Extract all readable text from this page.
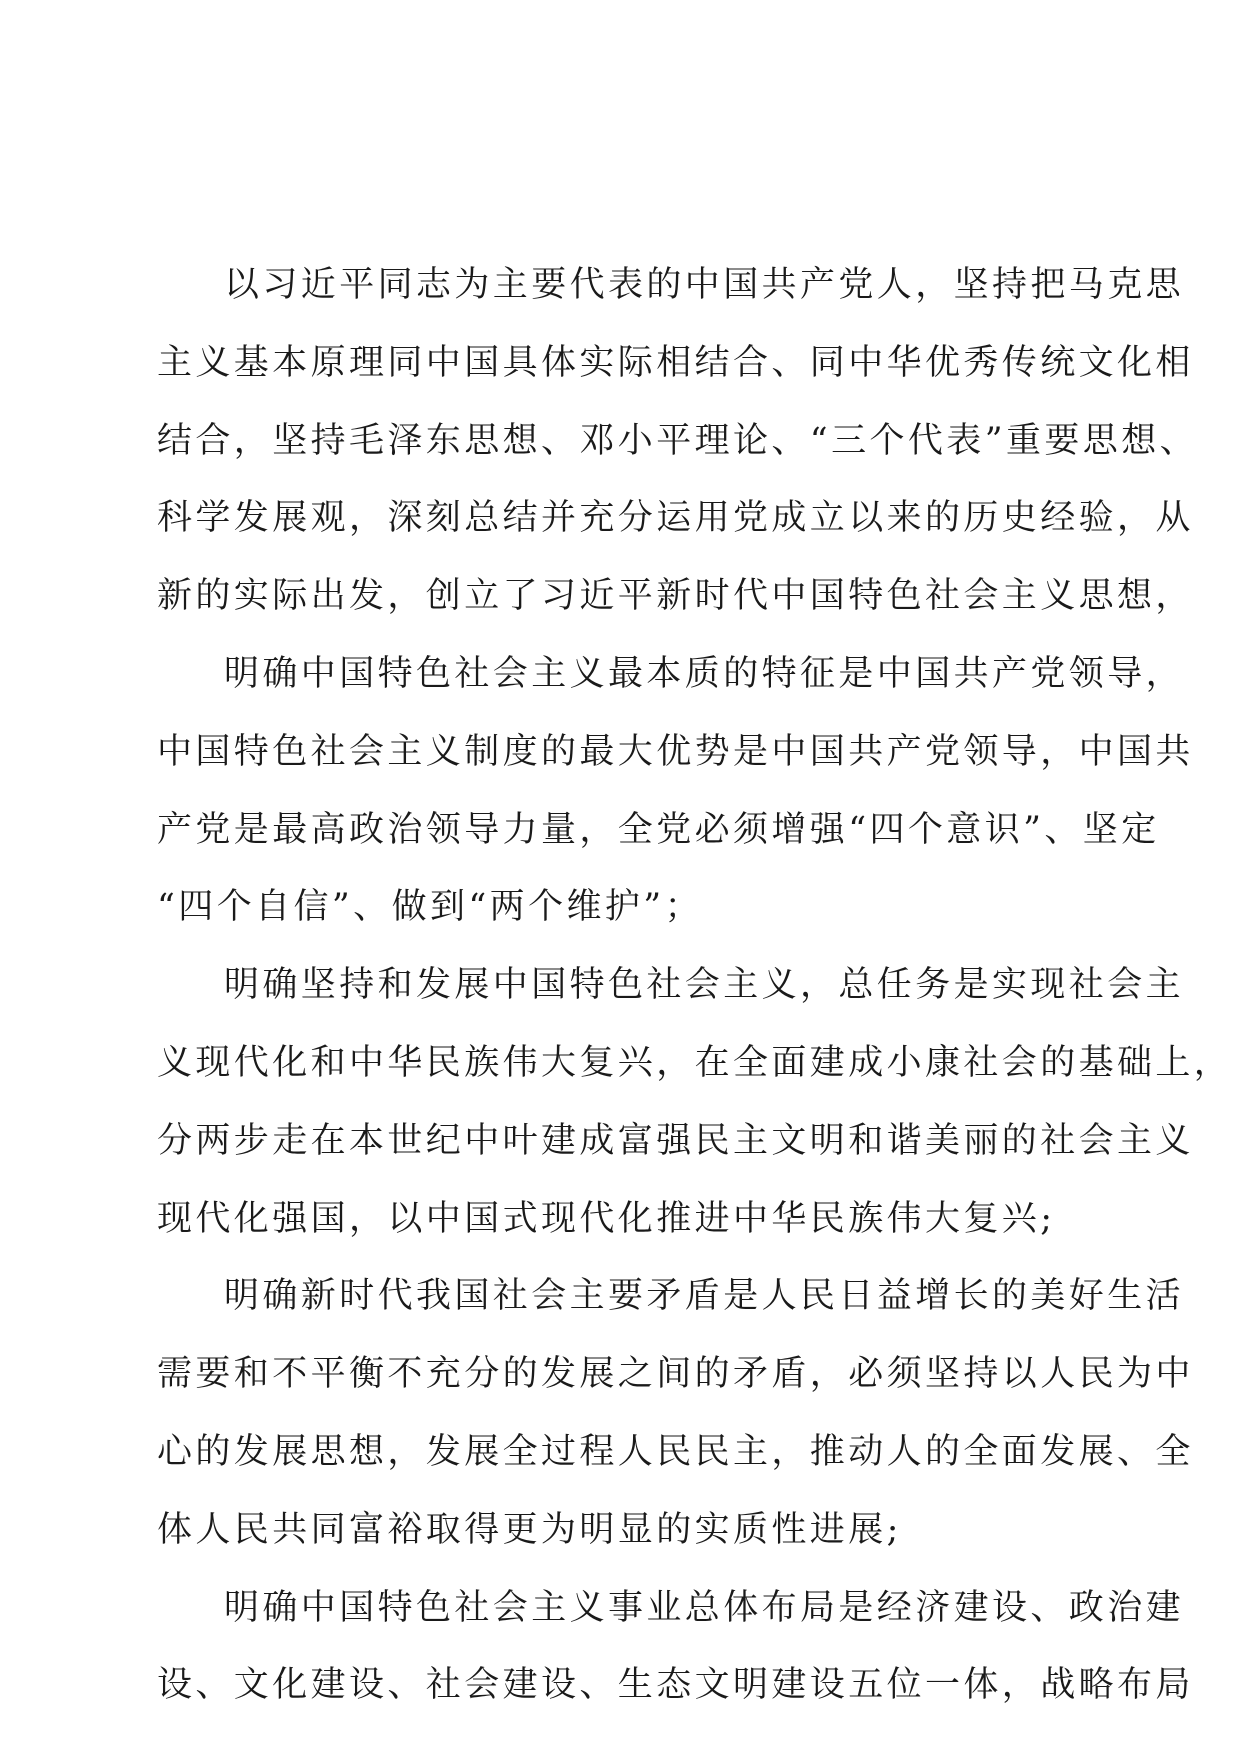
以习近平同志为主要代表的中国共产党人，坚持把马克思
主义基本原理同中国具体实际相结合、同中华优秀传统文化相
结合，坚持毛泽东思想、邓小平理论、“三个代表”重要思想、
科学发展观，深刻总结并充分运用党成立以来的历史经验，从
新的实际出发，创立了习近平新时代中国特色社会主义思想，
明确中国特色社会主义最本质的特征是中国共产党领导，
中国特色社会主义制度的最大优势是中国共产党领导，中国共
产党是最高政治领导力量，全党必须增强“四个意识”、坚定
“四个自信”、做到“两个维护”；
明确坚持和发展中国特色社会主义，总任务是实现社会主
义现代化和中华民族伟大复兴，在全面建成小康社会的基础上，
分两步走在本世纪中叶建成富强民主文明和谐美丽的社会主义
现代化强国，以中国式现代化推进中华民族伟大复兴;
明确新时代我国社会主要矛盾是人民日益增长的美好生活
需要和不平衡不充分的发展之间的矛盾，必须坚持以人民为中
心的发展思想，发展全过程人民民主，推动人的全面发展、全
体人民共同富裕取得更为明显的实质性进展;
明确中国特色社会主义事业总体布局是经济建设、政治建
设、文化建设、社会建设、生态文明建设五位一体，战略布局
